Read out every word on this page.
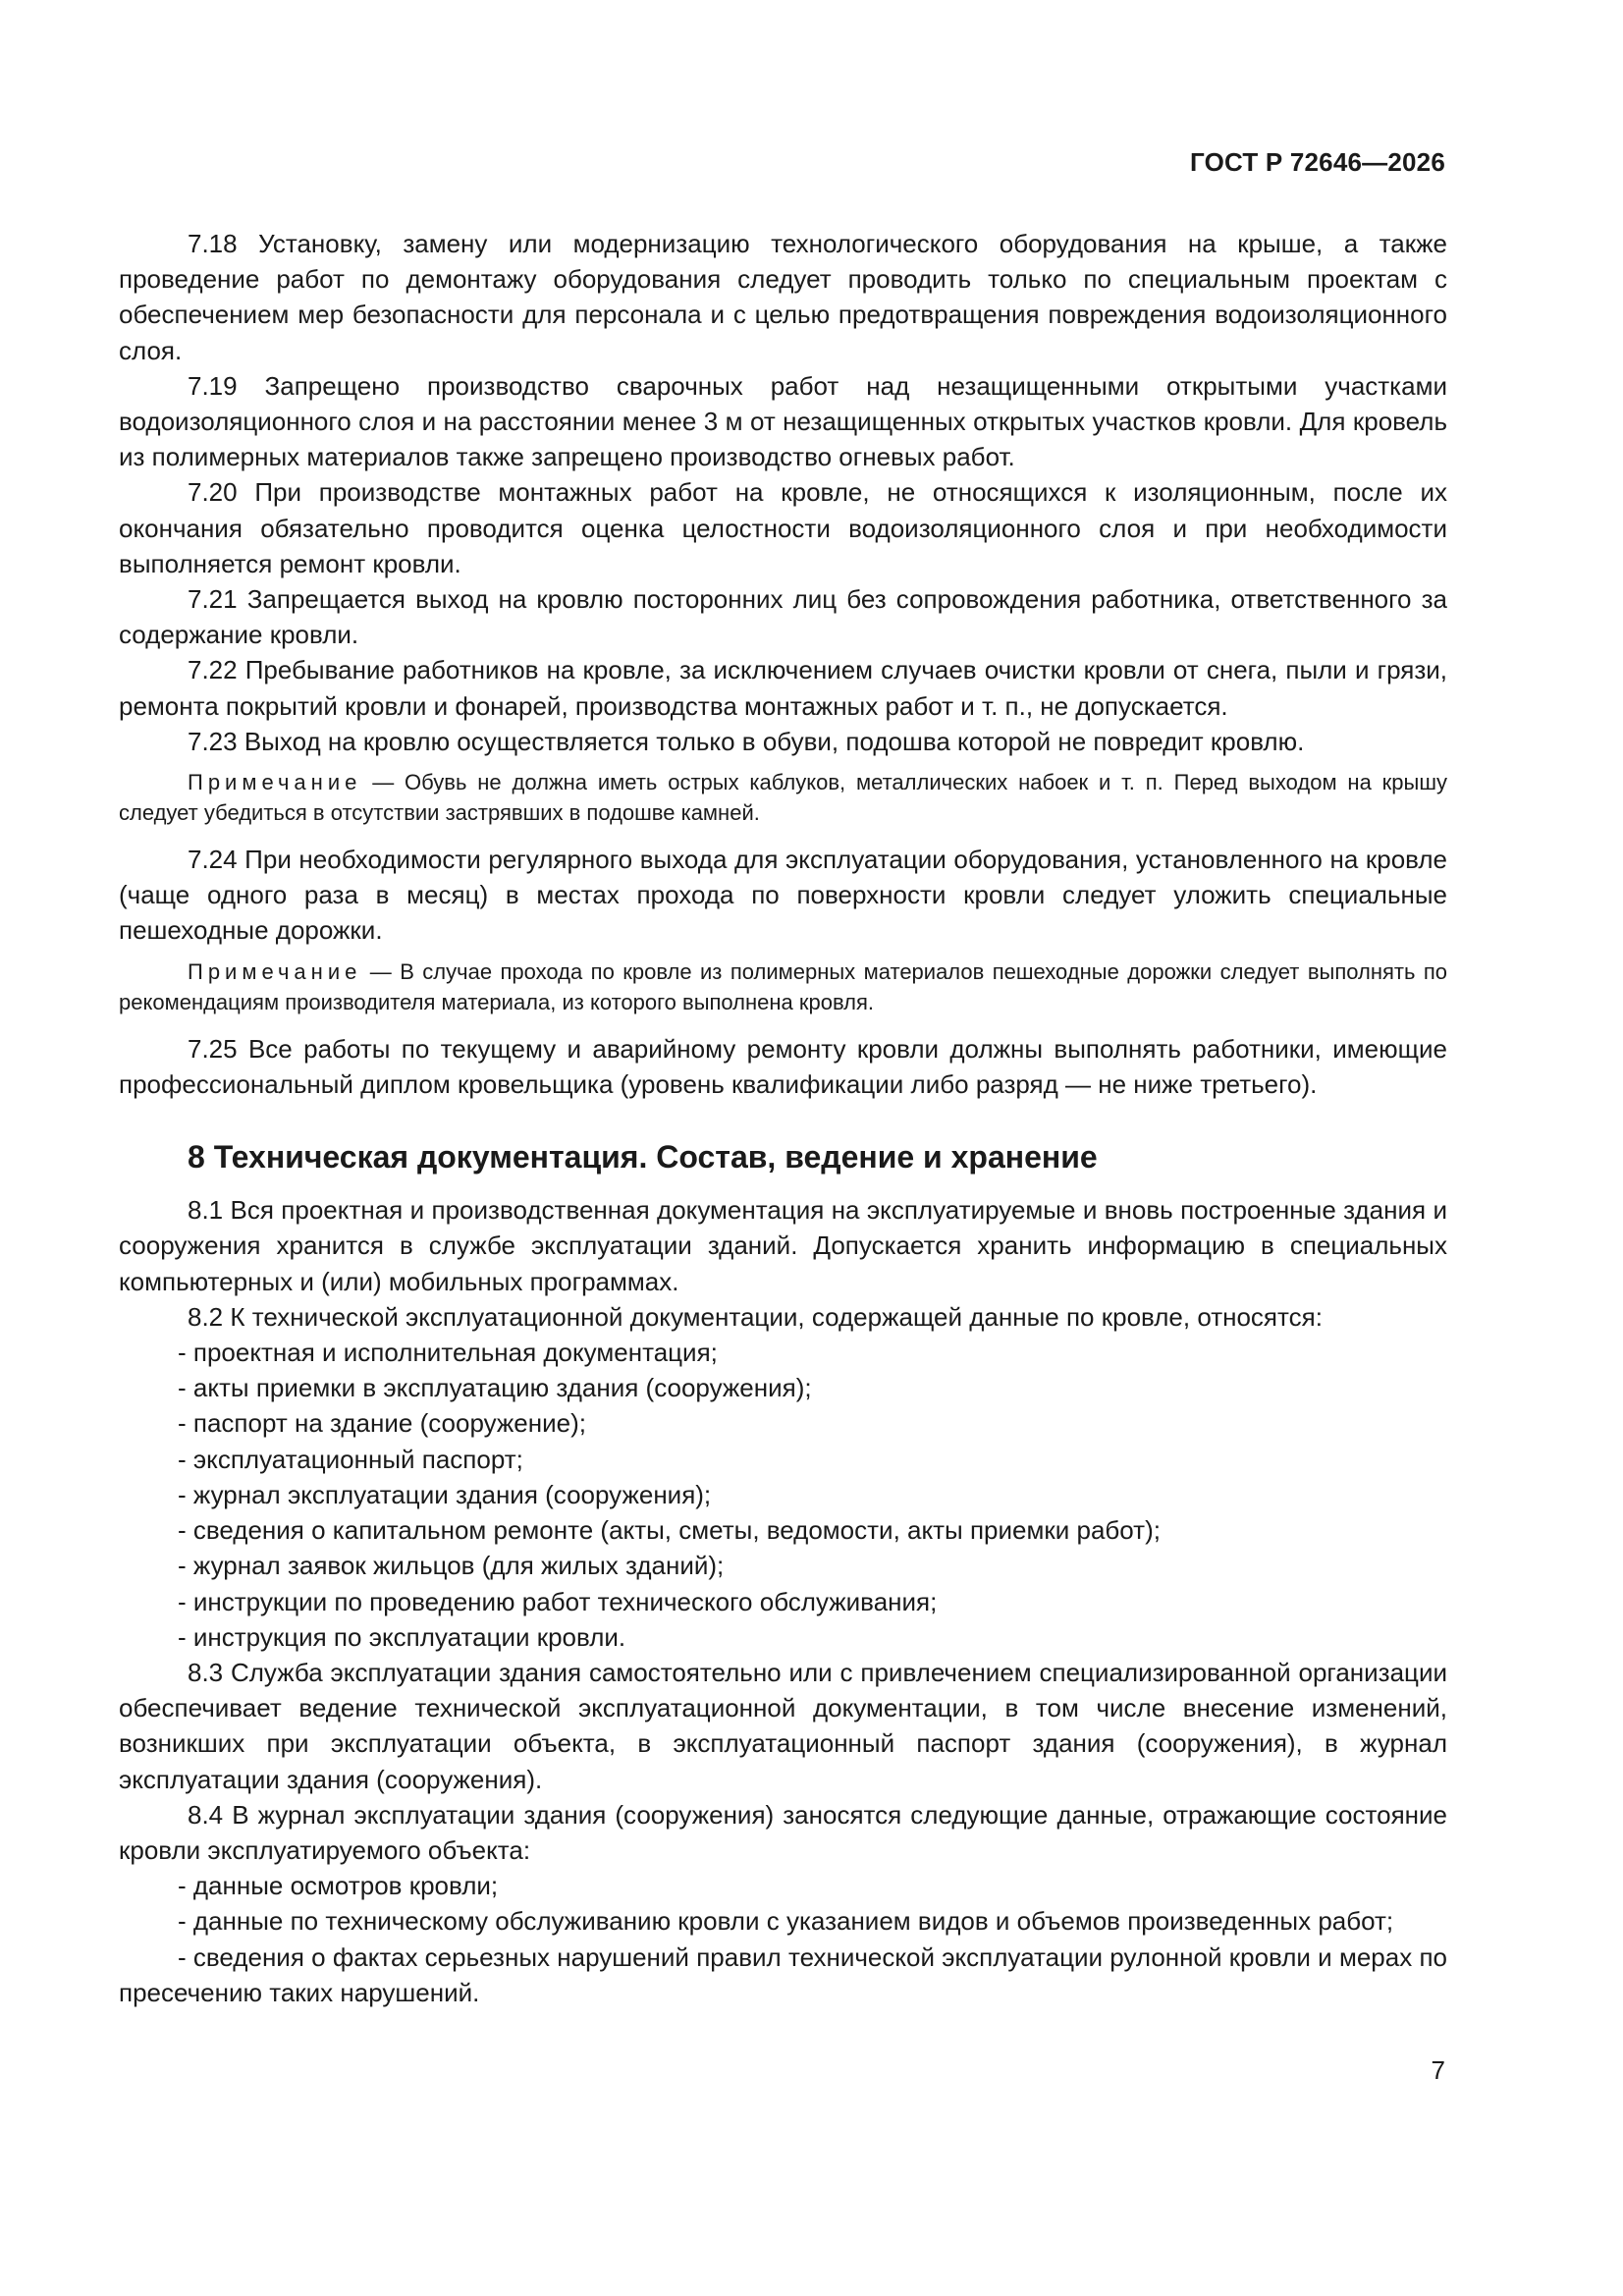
ГОСТ Р 72646—2026

7.18 Установку, замену или модернизацию технологического оборудования на крыше, а также проведение работ по демонтажу оборудования следует проводить только по специальным проектам с обеспечением мер безопасности для персонала и с целью предотвращения повреждения водоизоляционного слоя.

7.19 Запрещено производство сварочных работ над незащищенными открытыми участками водоизоляционного слоя и на расстоянии менее 3 м от незащищенных открытых участков кровли. Для кровель из полимерных материалов также запрещено производство огневых работ.

7.20 При производстве монтажных работ на кровле, не относящихся к изоляционным, после их окончания обязательно проводится оценка целостности водоизоляционного слоя и при необходимости выполняется ремонт кровли.

7.21 Запрещается выход на кровлю посторонних лиц без сопровождения работника, ответственного за содержание кровли.

7.22 Пребывание работников на кровле, за исключением случаев очистки кровли от снега, пыли и грязи, ремонта покрытий кровли и фонарей, производства монтажных работ и т. п., не допускается.

7.23 Выход на кровлю осуществляется только в обуви, подошва которой не повредит кровлю.

Примечание — Обувь не должна иметь острых каблуков, металлических набоек и т. п. Перед выходом на крышу следует убедиться в отсутствии застрявших в подошве камней.

7.24 При необходимости регулярного выхода для эксплуатации оборудования, установленного на кровле (чаще одного раза в месяц) в местах прохода по поверхности кровли следует уложить специальные пешеходные дорожки.

Примечание — В случае прохода по кровле из полимерных материалов пешеходные дорожки следует выполнять по рекомендациям производителя материала, из которого выполнена кровля.

7.25 Все работы по текущему и аварийному ремонту кровли должны выполнять работники, имеющие профессиональный диплом кровельщика (уровень квалификации либо разряд — не ниже третьего).

8 Техническая документация. Состав, ведение и хранение

8.1 Вся проектная и производственная документация на эксплуатируемые и вновь построенные здания и сооружения хранится в службе эксплуатации зданий. Допускается хранить информацию в специальных компьютерных и (или) мобильных программах.

8.2 К технической эксплуатационной документации, содержащей данные по кровле, относятся:

- проектная и исполнительная документация;

- акты приемки в эксплуатацию здания (сооружения);

- паспорт на здание (сооружение);

- эксплуатационный паспорт;

- журнал эксплуатации здания (сооружения);

- сведения о капитальном ремонте (акты, сметы, ведомости, акты приемки работ);

- журнал заявок жильцов (для жилых зданий);

- инструкции по проведению работ технического обслуживания;

- инструкция по эксплуатации кровли.

8.3 Служба эксплуатации здания самостоятельно или с привлечением специализированной организации обеспечивает ведение технической эксплуатационной документации, в том числе внесение изменений, возникших при эксплуатации объекта, в эксплуатационный паспорт здания (сооружения), в журнал эксплуатации здания (сооружения).

8.4 В журнал эксплуатации здания (сооружения) заносятся следующие данные, отражающие состояние кровли эксплуатируемого объекта:

- данные осмотров кровли;

- данные по техническому обслуживанию кровли с указанием видов и объемов произведенных работ;

- сведения о фактах серьезных нарушений правил технической эксплуатации рулонной кровли и мерах по пресечению таких нарушений.

7
